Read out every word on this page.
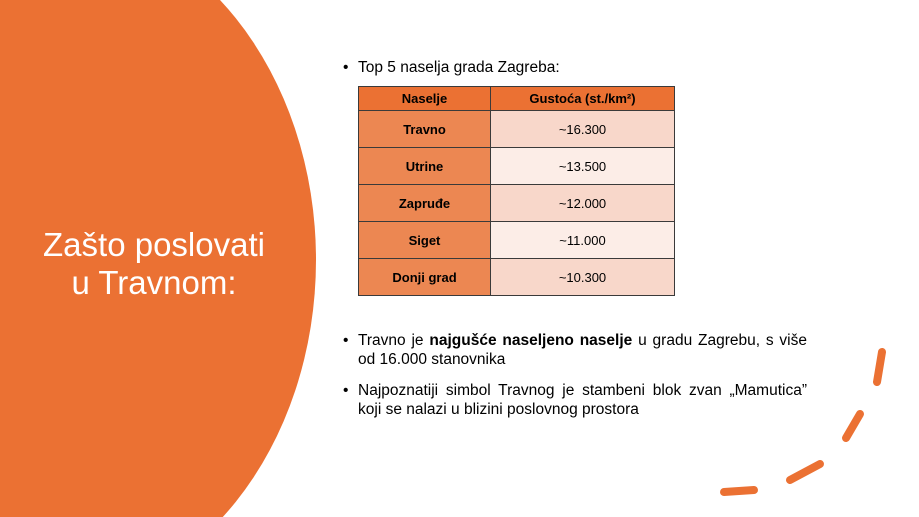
Zašto poslovati
u Travnom:
• Top 5 naselja grada Zagreba:
Naselje	Gustoća (st./km²)
Travno	~16.300
Utrine	~13.500
Zapruđe	~12.000
Siget	~11.000
Donji grad	~10.300
• Travno je najgušće naseljeno naselje u gradu Zagrebu, s više od 16.000 stanovnika
• Najpoznatiji simbol Travnog je stambeni blok zvan „Mamutica” koji se nalazi u blizini poslovnog prostora
